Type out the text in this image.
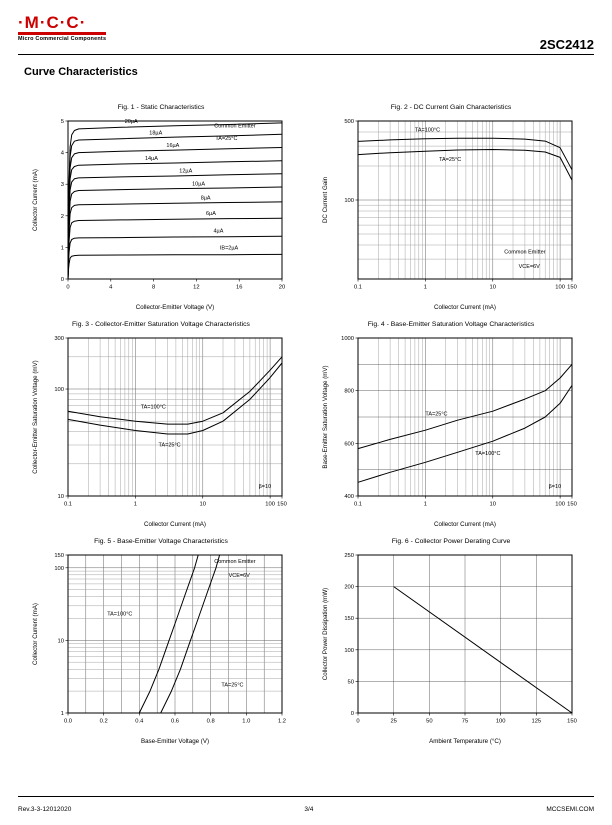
·M·C·C·
Micro Commercial Components	2SC2412
Curve Characteristics
Fig. 1 - Static Characteristics
0	4	8	12	16	20
0
1
2
3
4
5
Collector-Emitter Voltage (V)
Collector Current (mA)
20µA
18µA
16µA
14µA
12µA
10µA
8µA
6µA
4µA
IB=2µA
Common Emitter
TA=25°C
Fig. 2 - DC Current Gain Characteristics
0.1	1	10	100 150
100
500
Collector Current (mA)
DC Current Gain
TA=100°C
TA=25°C
Common Emitter
VCE=6V
Fig. 3 - Collector-Emitter Saturation Voltage Characteristics
0.1	1	10	100 150
10
100
300
Collector Current (mA)
Collector-Emitter Saturation Voltage (mV)	TA=100°C
TA=25°C
β=10
Fig. 4 - Base-Emitter Saturation Voltage Characteristics
0.1	1	10	100 150
400
600
800
1000
Collector Current (mA)
Base-Emitter Saturation Voltage (mV)	TA=25°C
TA=100°C
β=10
Fig. 5 - Base-Emitter Voltage Characteristics
0.0	0.2	0.4	0.6	0.8	1.0	1.2
1
10
100
150
Base-Emitter Voltage (V)
Collector Current (mA)	TA=100°C
TA=25°C
Common Emitter
VCE=6V
Fig. 6 - Collector Power Derating Curve
0	25	50	75	100	125	150
0
50
100
150
200
250
Ambient Temperature (°C)
Collector Power Dissipation (mW)
Rev.3-3-12012020	3/4	MCCSEMI.COM
